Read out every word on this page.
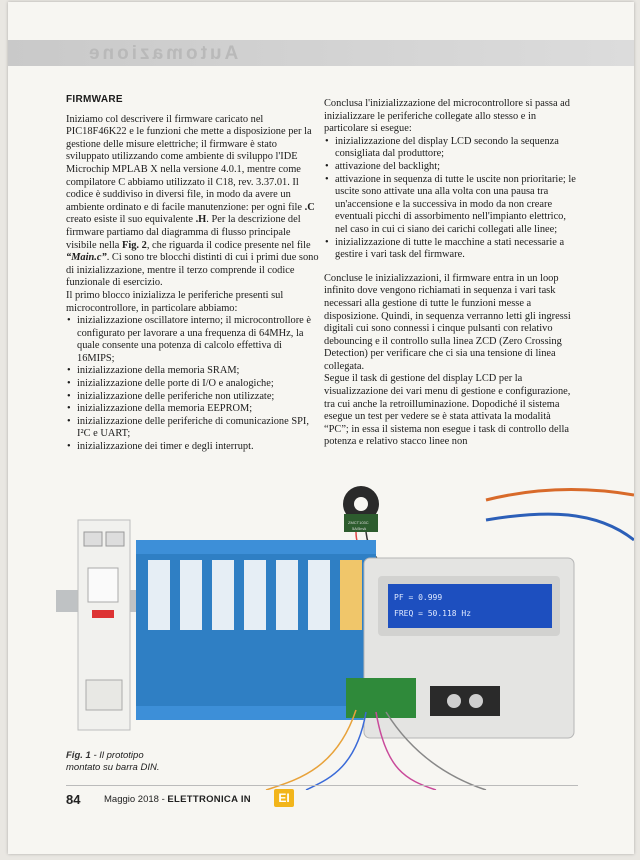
Automazione

FIRMWARE

Iniziamo col descrivere il firmware caricato nel PIC18F46K22 e le funzioni che mette a disposizione per la gestione delle misure elettriche; il firmware è stato sviluppato utilizzando come ambiente di sviluppo l'IDE Microchip MPLAB X nella versione 4.0.1, mentre come compilatore C abbiamo utilizzato il C18, rev. 3.37.01. Il codice è suddiviso in diversi file, in modo da avere un ambiente ordinato e di facile manutenzione: per ogni file .C creato esiste il suo equivalente .H. Per la descrizione del firmware partiamo dal diagramma di flusso principale visibile nella Fig. 2, che riguarda il codice presente nel file “Main.c”. Ci sono tre blocchi distinti di cui i primi due sono di inizializzazione, mentre il terzo comprende il codice funzionale di esercizio.

Il primo blocco inizializza le periferiche presenti sul microcontrollore, in particolare abbiamo:

• inizializzazione oscillatore interno; il microcontrollore è configurato per lavorare a una frequenza di 64MHz, la quale consente una potenza di calcolo effettiva di 16MIPS;
• inizializzazione della memoria SRAM;
• inizializzazione delle porte di I/O e analogiche;
• inizializzazione delle periferiche non utilizzate;
• inizializzazione della memoria EEPROM;
• inizializzazione delle periferiche di comunicazione SPI, I²C e UART;
• inizializzazione dei timer e degli interrupt.

Conclusa l'inizializzazione del microcontrollore si passa ad inizializzare le periferiche collegate allo stesso e in particolare si esegue:

• inizializzazione del display LCD secondo la sequenza consigliata dal produttore;
• attivazione del backlight;
• attivazione in sequenza di tutte le uscite non prioritarie; le uscite sono attivate una alla volta con una pausa tra un'accensione e la successiva in modo da non creare eventuali picchi di assorbimento nell'impianto elettrico, nel caso in cui ci siano dei carichi collegati alle linee;
• inizializzazione di tutte le macchine a stati necessarie a gestire i vari task del firmware.

Concluse le inizializzazioni, il firmware entra in un loop infinito dove vengono richiamati in sequenza i vari task necessari alla gestione di tutte le funzioni messe a disposizione. Quindi, in sequenza verranno letti gli ingressi digitali cui sono connessi i cinque pulsanti con relativo debouncing e il controllo sulla linea ZCD (Zero Crossing Detection) per verificare che ci sia una tensione di linea collegata.

Segue il task di gestione del display LCD per la visualizzazione dei vari menu di gestione e configurazione, tra cui anche la retroilluminazione. Dopodiché il sistema esegue un test per vedere se è stata attivata la modalità “PC”; in essa il sistema non esegue i task di controllo della potenza e relativo stacco linee non

ZMCT103C
5A/5mA
PF = 0.999
FREQ = 50.118 Hz
Fig. 1 - Il prototipo
montato su barra DIN.
84 Maggio 2018 - ELETTRONICA IN	EI
